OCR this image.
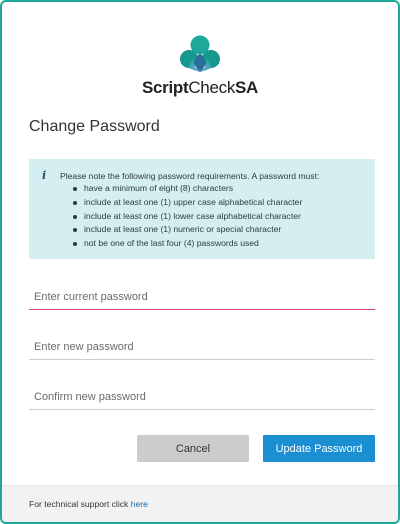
ScriptCheckSA
Change Password
i	Please note the following password requirements. A password must:
have a minimum of eight (8) characters
include at least one (1) upper case alphabetical character
include at least one (1) lower case alphabetical character
include at least one (1) numeric or special character
not be one of the last four (4) passwords used
Cancel	Update Password
For technical support click here
